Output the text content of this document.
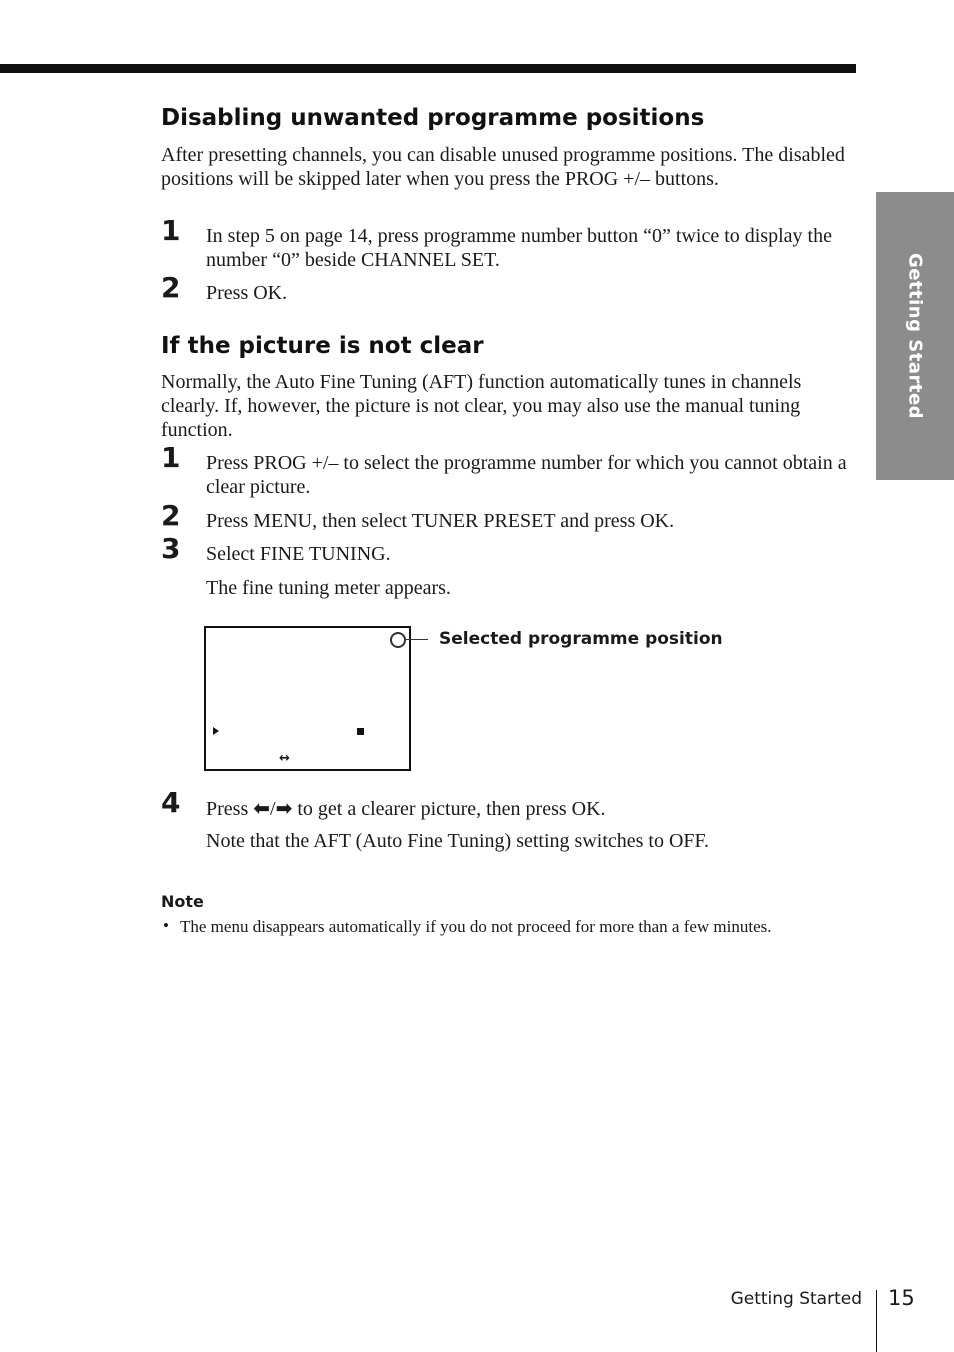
Getting Started
Disabling unwanted programme positions

After presetting channels, you can disable unused programme positions. The disabled positions will be skipped later when you press the PROG +/– buttons.

1 In step 5 on page 14, press programme number button “0” twice to display the number “0” beside CHANNEL SET.

2 Press OK.

If the picture is not clear

Normally, the Auto Fine Tuning (AFT) function automatically tunes in channels clearly. If, however, the picture is not clear, you may also use the manual tuning function.

1 Press PROG +/– to select the programme number for which you cannot obtain a clear picture.

2 Press MENU, then select TUNER PRESET and press OK.

3 Select FINE TUNING.

The fine tuning meter appears.

Selected programme position
↔
4 Press ⬅/➡ to get a clearer picture, then press OK.

Note that the AFT (Auto Fine Tuning) setting switches to OFF.

Note
• The menu disappears automatically if you do not proceed for more than a few minutes.

Getting Started 15
